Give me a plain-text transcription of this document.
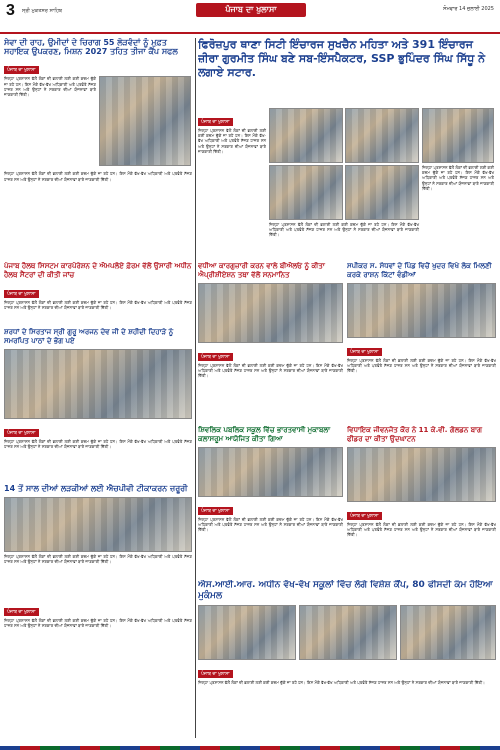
3 ਸ੍ਰੀ ਮੁਕਤਸਰ ਸਾਹਿਬ	ਪੰਜਾਬ ਦਾ ਖੁਲਾਸਾ	ਸੋਮਵਾਰ 14 ਜੁਲਾਈ 2025
ਸੇਵਾ ਦੀ ਰਾਹ, ਉਮੀਦਾਂ ਦੇ ਚਿਰਾਗ 55 ਲੋੜਵੰਦਾਂ ਨੂੰ ਮੁਫ਼ਤ ਸਹਾਇਕ ਉਪਕਰਣ, ਮਿਸ਼ਨ 2027 ਤਹਿਤ ਤੀਜਾ ਕੈਂਪ ਸਫਲ
ਪੰਜਾਬ ਦਾ ਖੁਲਾਸਾ
ਜ਼ਿਲ੍ਹਾ ਪ੍ਰਸ਼ਾਸਨ ਵੱਲੋਂ ਲੋਕਾਂ ਦੀ ਭਲਾਈ ਲਈ ਕਈ ਕਦਮ ਚੁੱਕੇ ਜਾ ਰਹੇ ਹਨ। ਇਸ ਮੌਕੇ ਵੱਖ-ਵੱਖ ਅਧਿਕਾਰੀ ਅਤੇ ਪਤਵੰਤੇ ਸੱਜਣ ਹਾਜ਼ਰ ਸਨ ਅਤੇ ਉਨ੍ਹਾਂ ਨੇ ਸਰਕਾਰ ਦੀਆਂ ਯੋਜਨਾਵਾਂ ਬਾਰੇ ਜਾਣਕਾਰੀ ਦਿੱਤੀ।
ਜ਼ਿਲ੍ਹਾ ਪ੍ਰਸ਼ਾਸਨ ਵੱਲੋਂ ਲੋਕਾਂ ਦੀ ਭਲਾਈ ਲਈ ਕਈ ਕਦਮ ਚੁੱਕੇ ਜਾ ਰਹੇ ਹਨ। ਇਸ ਮੌਕੇ ਵੱਖ-ਵੱਖ ਅਧਿਕਾਰੀ ਅਤੇ ਪਤਵੰਤੇ ਸੱਜਣ ਹਾਜ਼ਰ ਸਨ ਅਤੇ ਉਨ੍ਹਾਂ ਨੇ ਸਰਕਾਰ ਦੀਆਂ ਯੋਜਨਾਵਾਂ ਬਾਰੇ ਜਾਣਕਾਰੀ ਦਿੱਤੀ।
ਫਿਰੋਜ਼ਪੁਰ ਥਾਣਾ ਸਿਟੀ ਇੰਚਾਰਜ ਸੁਖਚੈਨ ਮਹਿਤਾ ਅਤੇ 391 ਇੰਚਾਰਜ ਜ਼ੀਰਾ ਗੁਰਮੀਤ ਸਿੰਘ ਬਣੇ ਸਬ-ਇੰਸਪੈਕਟਰ, SSP ਭੁਪਿੰਦਰ ਸਿੰਘ ਸਿੱਧੂ ਨੇ ਲਗਾਏ ਸਟਾਰ.
ਪੰਜਾਬ ਦਾ ਖੁਲਾਸਾ
ਜ਼ਿਲ੍ਹਾ ਪ੍ਰਸ਼ਾਸਨ ਵੱਲੋਂ ਲੋਕਾਂ ਦੀ ਭਲਾਈ ਲਈ ਕਈ ਕਦਮ ਚੁੱਕੇ ਜਾ ਰਹੇ ਹਨ। ਇਸ ਮੌਕੇ ਵੱਖ-ਵੱਖ ਅਧਿਕਾਰੀ ਅਤੇ ਪਤਵੰਤੇ ਸੱਜਣ ਹਾਜ਼ਰ ਸਨ ਅਤੇ ਉਨ੍ਹਾਂ ਨੇ ਸਰਕਾਰ ਦੀਆਂ ਯੋਜਨਾਵਾਂ ਬਾਰੇ ਜਾਣਕਾਰੀ ਦਿੱਤੀ।
ਜ਼ਿਲ੍ਹਾ ਪ੍ਰਸ਼ਾਸਨ ਵੱਲੋਂ ਲੋਕਾਂ ਦੀ ਭਲਾਈ ਲਈ ਕਈ ਕਦਮ ਚੁੱਕੇ ਜਾ ਰਹੇ ਹਨ। ਇਸ ਮੌਕੇ ਵੱਖ-ਵੱਖ ਅਧਿਕਾਰੀ ਅਤੇ ਪਤਵੰਤੇ ਸੱਜਣ ਹਾਜ਼ਰ ਸਨ ਅਤੇ ਉਨ੍ਹਾਂ ਨੇ ਸਰਕਾਰ ਦੀਆਂ ਯੋਜਨਾਵਾਂ ਬਾਰੇ ਜਾਣਕਾਰੀ ਦਿੱਤੀ।
ਜ਼ਿਲ੍ਹਾ ਪ੍ਰਸ਼ਾਸਨ ਵੱਲੋਂ ਲੋਕਾਂ ਦੀ ਭਲਾਈ ਲਈ ਕਈ ਕਦਮ ਚੁੱਕੇ ਜਾ ਰਹੇ ਹਨ। ਇਸ ਮੌਕੇ ਵੱਖ-ਵੱਖ ਅਧਿਕਾਰੀ ਅਤੇ ਪਤਵੰਤੇ ਸੱਜਣ ਹਾਜ਼ਰ ਸਨ ਅਤੇ ਉਨ੍ਹਾਂ ਨੇ ਸਰਕਾਰ ਦੀਆਂ ਯੋਜਨਾਵਾਂ ਬਾਰੇ ਜਾਣਕਾਰੀ ਦਿੱਤੀ।
ਪੰਜਾਬ ਹੈਲਥ ਸਿਸਟਮ ਕਾਰਪੋਰੇਸ਼ਨ ਦੇ ਐਮਪਲੋਏ ਫ਼ੋਰਮ ਵੱਲੋਂ ਉਸਾਰੀ ਅਧੀਨ ਹੈਲਥ ਸੈਂਟਰਾਂ ਦੀ ਕੀਤੀ ਜਾਂਚ
ਪੰਜਾਬ ਦਾ ਖੁਲਾਸਾ
ਜ਼ਿਲ੍ਹਾ ਪ੍ਰਸ਼ਾਸਨ ਵੱਲੋਂ ਲੋਕਾਂ ਦੀ ਭਲਾਈ ਲਈ ਕਈ ਕਦਮ ਚੁੱਕੇ ਜਾ ਰਹੇ ਹਨ। ਇਸ ਮੌਕੇ ਵੱਖ-ਵੱਖ ਅਧਿਕਾਰੀ ਅਤੇ ਪਤਵੰਤੇ ਸੱਜਣ ਹਾਜ਼ਰ ਸਨ ਅਤੇ ਉਨ੍ਹਾਂ ਨੇ ਸਰਕਾਰ ਦੀਆਂ ਯੋਜਨਾਵਾਂ ਬਾਰੇ ਜਾਣਕਾਰੀ ਦਿੱਤੀ।
ਸ਼ਰਧਾਂ ਦੇ ਸਿਰਤਾਜ ਸ੍ਰੀ ਗੁਰੂ ਅਰਜਨ ਦੇਵ ਜੀ ਦੇ ਸ਼ਹੀਦੀ ਦਿਹਾੜੇ ਨੂੰ ਸਮਰਪਿਤ ਪਾਠਾਂ ਦੇ ਭੋਗ ਪਏ
ਪੰਜਾਬ ਦਾ ਖੁਲਾਸਾ
ਜ਼ਿਲ੍ਹਾ ਪ੍ਰਸ਼ਾਸਨ ਵੱਲੋਂ ਲੋਕਾਂ ਦੀ ਭਲਾਈ ਲਈ ਕਈ ਕਦਮ ਚੁੱਕੇ ਜਾ ਰਹੇ ਹਨ। ਇਸ ਮੌਕੇ ਵੱਖ-ਵੱਖ ਅਧਿਕਾਰੀ ਅਤੇ ਪਤਵੰਤੇ ਸੱਜਣ ਹਾਜ਼ਰ ਸਨ ਅਤੇ ਉਨ੍ਹਾਂ ਨੇ ਸਰਕਾਰ ਦੀਆਂ ਯੋਜਨਾਵਾਂ ਬਾਰੇ ਜਾਣਕਾਰੀ ਦਿੱਤੀ।
14 ਤੋਂ ਸਾਲ ਦੀਆਂ ਲੜਕੀਆਂ ਲਈ ਐਚਪੀਵੀ ਟੀਕਾਕਰਨ ਜ਼ਰੂਰੀ
ਜ਼ਿਲ੍ਹਾ ਪ੍ਰਸ਼ਾਸਨ ਵੱਲੋਂ ਲੋਕਾਂ ਦੀ ਭਲਾਈ ਲਈ ਕਈ ਕਦਮ ਚੁੱਕੇ ਜਾ ਰਹੇ ਹਨ। ਇਸ ਮੌਕੇ ਵੱਖ-ਵੱਖ ਅਧਿਕਾਰੀ ਅਤੇ ਪਤਵੰਤੇ ਸੱਜਣ ਹਾਜ਼ਰ ਸਨ ਅਤੇ ਉਨ੍ਹਾਂ ਨੇ ਸਰਕਾਰ ਦੀਆਂ ਯੋਜਨਾਵਾਂ ਬਾਰੇ ਜਾਣਕਾਰੀ ਦਿੱਤੀ।
ਪੰਜਾਬ ਦਾ ਖੁਲਾਸਾ
ਜ਼ਿਲ੍ਹਾ ਪ੍ਰਸ਼ਾਸਨ ਵੱਲੋਂ ਲੋਕਾਂ ਦੀ ਭਲਾਈ ਲਈ ਕਈ ਕਦਮ ਚੁੱਕੇ ਜਾ ਰਹੇ ਹਨ। ਇਸ ਮੌਕੇ ਵੱਖ-ਵੱਖ ਅਧਿਕਾਰੀ ਅਤੇ ਪਤਵੰਤੇ ਸੱਜਣ ਹਾਜ਼ਰ ਸਨ ਅਤੇ ਉਨ੍ਹਾਂ ਨੇ ਸਰਕਾਰ ਦੀਆਂ ਯੋਜਨਾਵਾਂ ਬਾਰੇ ਜਾਣਕਾਰੀ ਦਿੱਤੀ।
ਵਧੀਆ ਕਾਰਗੁਜ਼ਾਰੀ ਕਰਨ ਵਾਲੇ ਬੀਐਲਓ ਨੂੰ ਕੀਤਾ ਐਪ੍ਰੀਸ਼ੀਏਸ਼ਨ ਤਥਾ ਵੱਲੋਂ ਸਨਮਾਨਿਤ
ਪੰਜਾਬ ਦਾ ਖੁਲਾਸਾ
ਜ਼ਿਲ੍ਹਾ ਪ੍ਰਸ਼ਾਸਨ ਵੱਲੋਂ ਲੋਕਾਂ ਦੀ ਭਲਾਈ ਲਈ ਕਈ ਕਦਮ ਚੁੱਕੇ ਜਾ ਰਹੇ ਹਨ। ਇਸ ਮੌਕੇ ਵੱਖ-ਵੱਖ ਅਧਿਕਾਰੀ ਅਤੇ ਪਤਵੰਤੇ ਸੱਜਣ ਹਾਜ਼ਰ ਸਨ ਅਤੇ ਉਨ੍ਹਾਂ ਨੇ ਸਰਕਾਰ ਦੀਆਂ ਯੋਜਨਾਵਾਂ ਬਾਰੇ ਜਾਣਕਾਰੀ ਦਿੱਤੀ।
ਸਪੀਕਰ ਸ. ਸੰਧਵਾਂ ਦੇ ਪਿੰਡ ਵਿਚੋਂ ਖੁਦਰ ਵਿਖੇ ਲੋਕ ਮਿਲਣੀ ਕਰਕੇ ਰਾਸ਼ਨ ਕਿੱਟਾਂ ਵੰਡੀਆਂ
ਪੰਜਾਬ ਦਾ ਖੁਲਾਸਾ
ਜ਼ਿਲ੍ਹਾ ਪ੍ਰਸ਼ਾਸਨ ਵੱਲੋਂ ਲੋਕਾਂ ਦੀ ਭਲਾਈ ਲਈ ਕਈ ਕਦਮ ਚੁੱਕੇ ਜਾ ਰਹੇ ਹਨ। ਇਸ ਮੌਕੇ ਵੱਖ-ਵੱਖ ਅਧਿਕਾਰੀ ਅਤੇ ਪਤਵੰਤੇ ਸੱਜਣ ਹਾਜ਼ਰ ਸਨ ਅਤੇ ਉਨ੍ਹਾਂ ਨੇ ਸਰਕਾਰ ਦੀਆਂ ਯੋਜਨਾਵਾਂ ਬਾਰੇ ਜਾਣਕਾਰੀ ਦਿੱਤੀ।
ਸ਼ਿਵਲਿਕ ਪਬਲਿਕ ਸਕੂਲ ਵਿੱਚ ਭਾਰਤਵਾਸੀ ਮੁਕਾਬਲਾ ਕਲਾਸਰੂਮ ਆਯੋਜਿਤ ਕੀਤਾ ਗਿਆ
ਪੰਜਾਬ ਦਾ ਖੁਲਾਸਾ
ਜ਼ਿਲ੍ਹਾ ਪ੍ਰਸ਼ਾਸਨ ਵੱਲੋਂ ਲੋਕਾਂ ਦੀ ਭਲਾਈ ਲਈ ਕਈ ਕਦਮ ਚੁੱਕੇ ਜਾ ਰਹੇ ਹਨ। ਇਸ ਮੌਕੇ ਵੱਖ-ਵੱਖ ਅਧਿਕਾਰੀ ਅਤੇ ਪਤਵੰਤੇ ਸੱਜਣ ਹਾਜ਼ਰ ਸਨ ਅਤੇ ਉਨ੍ਹਾਂ ਨੇ ਸਰਕਾਰ ਦੀਆਂ ਯੋਜਨਾਵਾਂ ਬਾਰੇ ਜਾਣਕਾਰੀ ਦਿੱਤੀ।
ਵਿਧਾਇਕ ਜੀਵਨਜੋਤ ਕੌਰ ਨੇ 11 ਕੇ.ਵੀ. ਗੋਲਡਨ ਬਾਗ ਫੀਡਰ ਦਾ ਕੀਤਾ ਉਦਘਾਟਨ
ਪੰਜਾਬ ਦਾ ਖੁਲਾਸਾ
ਜ਼ਿਲ੍ਹਾ ਪ੍ਰਸ਼ਾਸਨ ਵੱਲੋਂ ਲੋਕਾਂ ਦੀ ਭਲਾਈ ਲਈ ਕਈ ਕਦਮ ਚੁੱਕੇ ਜਾ ਰਹੇ ਹਨ। ਇਸ ਮੌਕੇ ਵੱਖ-ਵੱਖ ਅਧਿਕਾਰੀ ਅਤੇ ਪਤਵੰਤੇ ਸੱਜਣ ਹਾਜ਼ਰ ਸਨ ਅਤੇ ਉਨ੍ਹਾਂ ਨੇ ਸਰਕਾਰ ਦੀਆਂ ਯੋਜਨਾਵਾਂ ਬਾਰੇ ਜਾਣਕਾਰੀ ਦਿੱਤੀ।
ਐਸ.ਆਈ.ਆਰ. ਅਧੀਨ ਵੱਖ-ਵੱਖ ਸਕੂਲਾਂ ਵਿੱਚ ਲੱਗੇ ਵਿਸ਼ੇਸ਼ ਕੈਂਪ, 80 ਫੀਸਦੀ ਕੰਮ ਹੋਇਆ ਮੁਕੰਮਲ
ਪੰਜਾਬ ਦਾ ਖੁਲਾਸਾ
ਜ਼ਿਲ੍ਹਾ ਪ੍ਰਸ਼ਾਸਨ ਵੱਲੋਂ ਲੋਕਾਂ ਦੀ ਭਲਾਈ ਲਈ ਕਈ ਕਦਮ ਚੁੱਕੇ ਜਾ ਰਹੇ ਹਨ। ਇਸ ਮੌਕੇ ਵੱਖ-ਵੱਖ ਅਧਿਕਾਰੀ ਅਤੇ ਪਤਵੰਤੇ ਸੱਜਣ ਹਾਜ਼ਰ ਸਨ ਅਤੇ ਉਨ੍ਹਾਂ ਨੇ ਸਰਕਾਰ ਦੀਆਂ ਯੋਜਨਾਵਾਂ ਬਾਰੇ ਜਾਣਕਾਰੀ ਦਿੱਤੀ।
